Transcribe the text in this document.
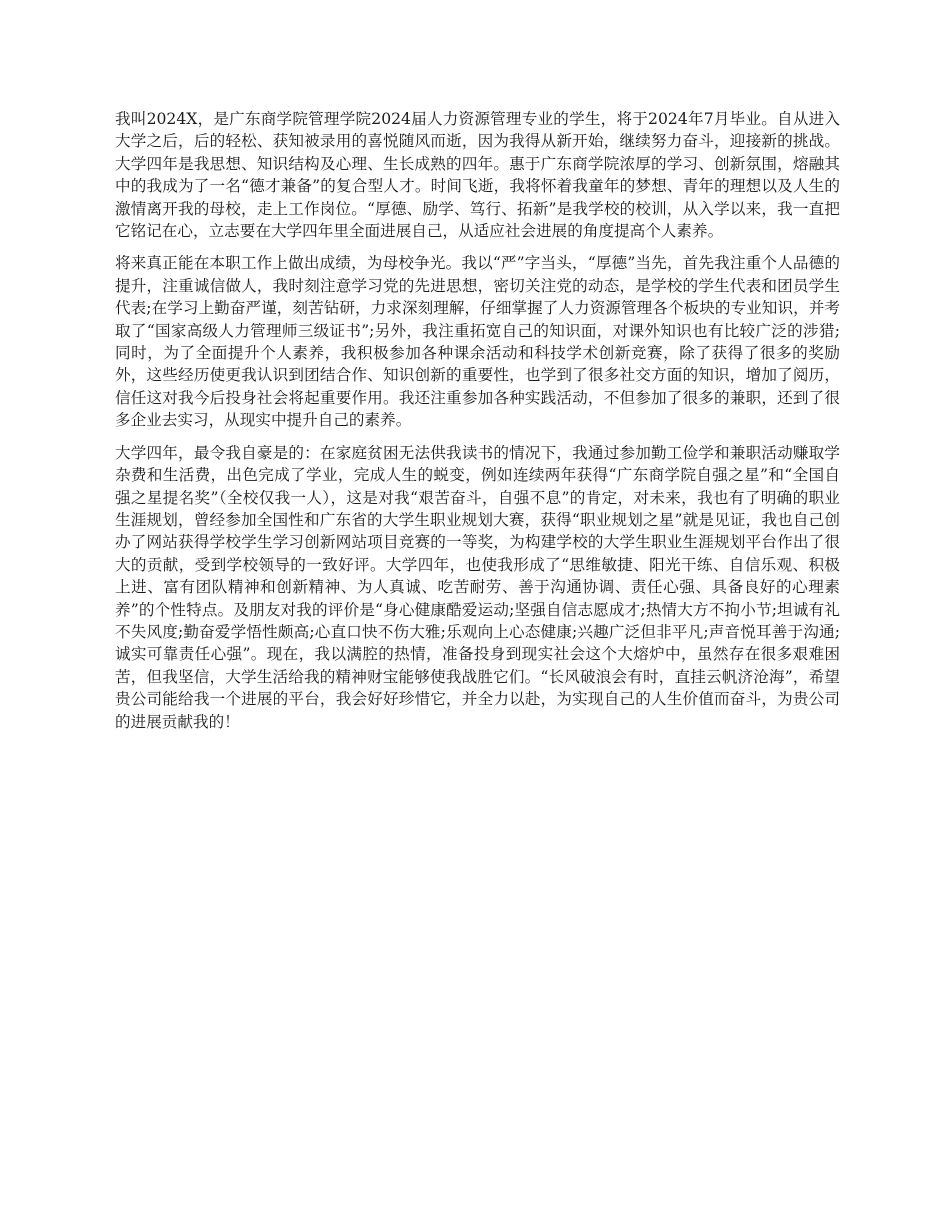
我叫2024X，是广东商学院管理学院2024届人力资源管理专业的学生，将于2024年7月毕业。自从进入大学之后，后的轻松、获知被录用的喜悦随风而逝，因为我得从新开始，继续努力奋斗，迎接新的挑战。大学四年是我思想、知识结构及心理、生长成熟的四年。惠于广东商学院浓厚的学习、创新氛围，熔融其中的我成为了一名“德才兼备”的复合型人才。时间飞逝，我将怀着我童年的梦想、青年的理想以及人生的激情离开我的母校，走上工作岗位。“厚德、励学、笃行、拓新”是我学校的校训，从入学以来，我一直把它铭记在心，立志要在大学四年里全面进展自己，从适应社会进展的角度提高个人素养。

将来真正能在本职工作上做出成绩，为母校争光。我以“严”字当头，“厚德”当先，首先我注重个人品德的提升，注重诚信做人，我时刻注意学习党的先进思想，密切关注党的动态，是学校的学生代表和团员学生代表;在学习上勤奋严谨，刻苦钻研，力求深刻理解，仔细掌握了人力资源管理各个板块的专业知识，并考取了“国家高级人力管理师三级证书”;另外，我注重拓宽自己的知识面，对课外知识也有比较广泛的涉猎;同时，为了全面提升个人素养，我积极参加各种课余活动和科技学术创新竞赛，除了获得了很多的奖励外，这些经历使更我认识到团结合作、知识创新的重要性，也学到了很多社交方面的知识，增加了阅历，信任这对我今后投身社会将起重要作用。我还注重参加各种实践活动，不但参加了很多的兼职，还到了很多企业去实习，从现实中提升自己的素养。

大学四年，最令我自豪是的：在家庭贫困无法供我读书的情况下，我通过参加勤工俭学和兼职活动赚取学杂费和生活费，出色完成了学业，完成人生的蜕变，例如连续两年获得“广东商学院自强之星”和“全国自强之星提名奖”（全校仅我一人），这是对我“艰苦奋斗，自强不息”的肯定，对未来，我也有了明确的职业生涯规划，曾经参加全国性和广东省的大学生职业规划大赛，获得“职业规划之星”就是见证，我也自己创办了网站获得学校学生学习创新网站项目竞赛的一等奖，为构建学校的大学生职业生涯规划平台作出了很大的贡献，受到学校领导的一致好评。大学四年，也使我形成了“思维敏捷、阳光干练、自信乐观、积极上进、富有团队精神和创新精神、为人真诚、吃苦耐劳、善于沟通协调、责任心强、具备良好的心理素养”的个性特点。及朋友对我的评价是“身心健康酷爱运动;坚强自信志愿成才;热情大方不拘小节;坦诚有礼不失风度;勤奋爱学悟性颇高;心直口快不伤大雅;乐观向上心态健康;兴趣广泛但非平凡;声音悦耳善于沟通;诚实可靠责任心强”。现在，我以满腔的热情，准备投身到现实社会这个大熔炉中，虽然存在很多艰难困苦，但我坚信，大学生活给我的精神财宝能够使我战胜它们。“长风破浪会有时，直挂云帆济沧海”，希望贵公司能给我一个进展的平台，我会好好珍惜它，并全力以赴，为实现自己的人生价值而奋斗，为贵公司的进展贡献我的！
